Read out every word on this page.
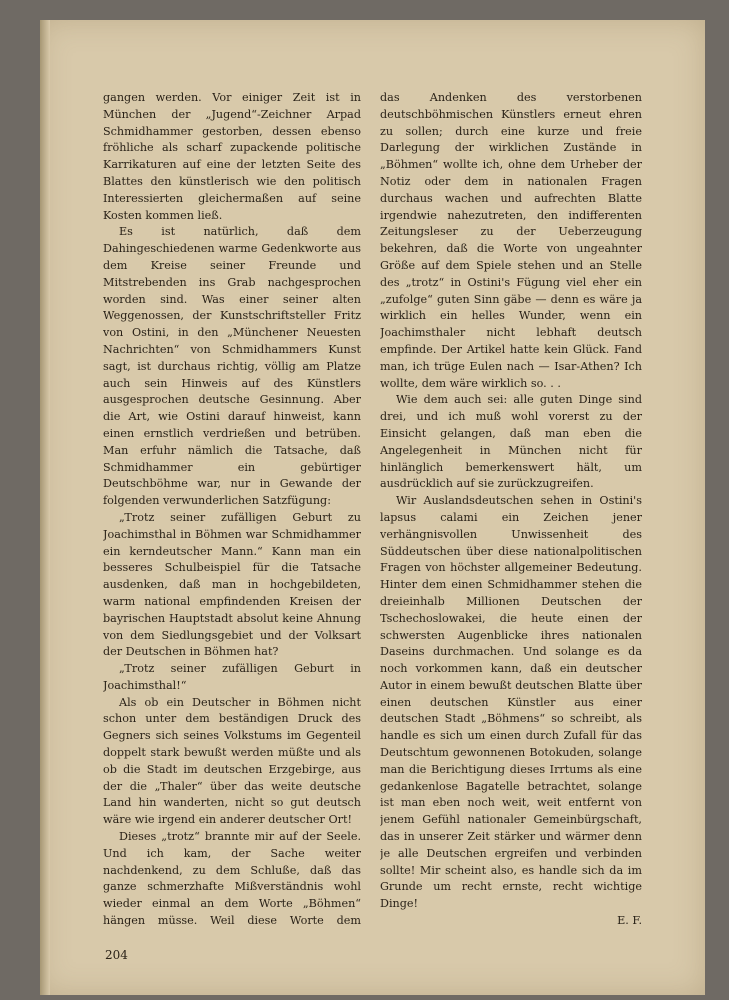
gangen werden. Vor einiger Zeit ist in München der „Jugend“-Zeichner Arpad Schmidhammer gestorben, dessen ebenso fröhliche als scharf zupackende politische Karrikaturen auf eine der letzten Seite des Blattes den künstlerisch wie den politisch Interessierten gleichermaßen auf seine Kosten kommen ließ.

Es ist natürlich, daß dem Dahingeschiedenen warme Gedenkworte aus dem Kreise seiner Freunde und Mitstrebenden ins Grab nachgesprochen worden sind. Was einer seiner alten Weggenossen, der Kunstschriftsteller Fritz von Ostini, in den „Münchener Neuesten Nachrichten“ von Schmidhammers Kunst sagt, ist durchaus richtig, völlig am Platze auch sein Hinweis auf des Künstlers ausgesprochen deutsche Gesinnung. Aber die Art, wie Ostini darauf hinweist, kann einen ernstlich verdrießen und betrüben. Man erfuhr nämlich die Tatsache, daß Schmidhammer ein gebürtiger Deutschböhme war, nur in Gewande der folgenden verwunderlichen Satzfügung:

„Trotz seiner zufälligen Geburt zu Joachimsthal in Böhmen war Schmidhammer ein kerndeutscher Mann.“ Kann man ein besseres Schulbeispiel für die Tatsache ausdenken, daß man in hochgebildeten, warm national empfindenden Kreisen der bayrischen Hauptstadt absolut keine Ahnung von dem Siedlungsgebiet und der Volksart der Deutschen in Böhmen hat?

„Trotz seiner zufälligen Geburt in Joachimsthal!“

Als ob ein Deutscher in Böhmen nicht schon unter dem beständigen Druck des Gegners sich seines Volkstums im Gegenteil doppelt stark bewußt werden müßte und als ob die Stadt im deutschen Erzgebirge, aus der die „Thaler“ über das weite deutsche Land hin wanderten, nicht so gut deutsch wäre wie irgend ein anderer deutscher Ort!

Dieses „trotz“ brannte mir auf der Seele. Und ich kam, der Sache weiter nachdenkend, zu dem Schluße, daß das ganze schmerzhafte Mißverständnis wohl wieder einmal an dem Worte „Böhmen“ hängen müsse. Weil diese Worte dem

das Andenken des verstorbenen deutschböhmischen Künstlers erneut ehren zu sollen; durch eine kurze und freie Darlegung der wirklichen Zustände in „Böhmen“ wollte ich, ohne dem Urheber der Notiz oder dem in nationalen Fragen durchaus wachen und aufrechten Blatte irgendwie nahezutreten, den indifferenten Zeitungsleser zu der Ueberzeugung bekehren, daß die Worte von ungeahnter Größe auf dem Spiele stehen und an Stelle des „trotz“ in Ostini's Fügung viel eher ein „zufolge“ guten Sinn gäbe — denn es wäre ja wirklich ein helles Wunder, wenn ein Joachimsthaler nicht lebhaft deutsch empfinde. Der Artikel hatte kein Glück. Fand man, ich trüge Eulen nach — Isar-Athen? Ich wollte, dem wäre wirklich so. . .

Wie dem auch sei: alle guten Dinge sind drei, und ich muß wohl vorerst zu der Einsicht gelangen, daß man eben die Angelegenheit in München nicht für hinlänglich bemerkenswert hält, um ausdrücklich auf sie zurückzugreifen.

Wir Auslandsdeutschen sehen in Ostini's lapsus calami ein Zeichen jener verhängnisvollen Unwissenheit des Süddeutschen über diese nationalpolitischen Fragen von höchster allgemeiner Bedeutung. Hinter dem einen Schmidhammer stehen die dreieinhalb Millionen Deutschen der Tschechoslowakei, die heute einen der schwersten Augenblicke ihres nationalen Daseins durchmachen. Und solange es da noch vorkommen kann, daß ein deutscher Autor in einem bewußt deutschen Blatte über einen deutschen Künstler aus einer deutschen Stadt „Böhmens“ so schreibt, als handle es sich um einen durch Zufall für das Deutschtum gewonnenen Botokuden, solange man die Berichtigung dieses Irrtums als eine gedankenlose Bagatelle betrachtet, solange ist man eben noch weit, weit entfernt von jenem Gefühl nationaler Gemeinbürgschaft, das in unserer Zeit stärker und wärmer denn je alle Deutschen ergreifen und verbinden sollte! Mir scheint also, es handle sich da im Grunde um recht ernste, recht wichtige Dinge!

E. F.

204
